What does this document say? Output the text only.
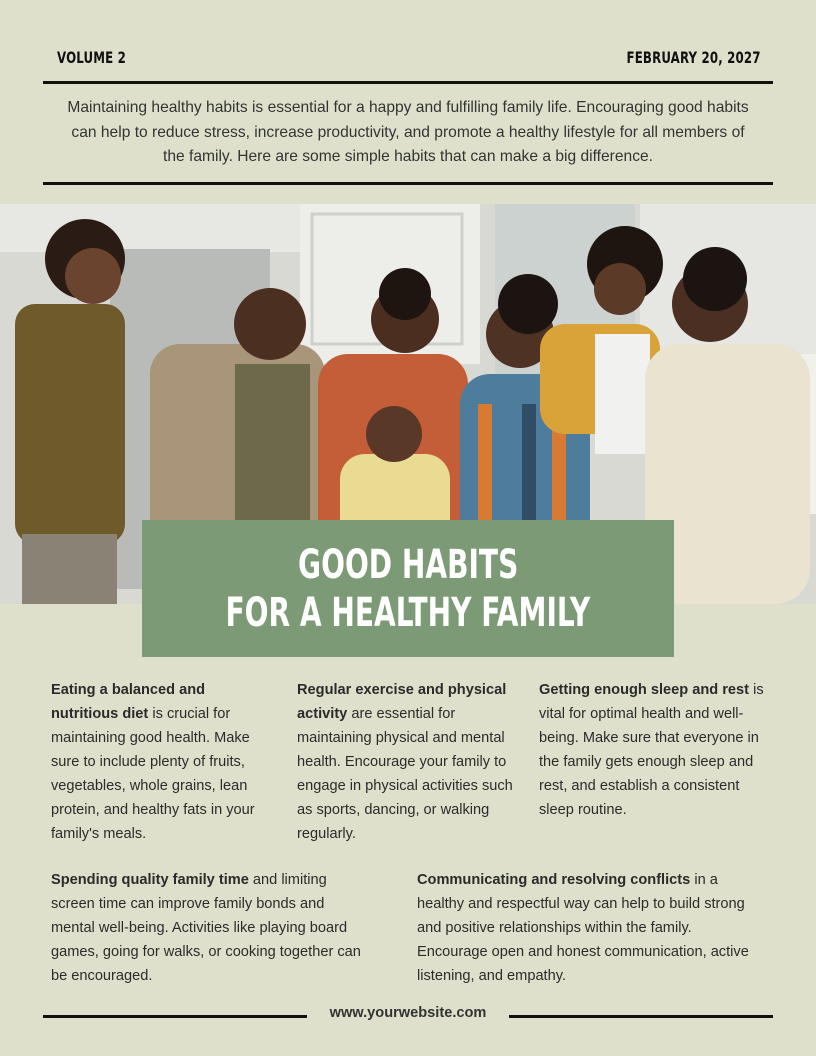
VOLUME 2	FEBRUARY 20, 2027
Maintaining healthy habits is essential for a happy and fulfilling family life. Encouraging good habits can help to reduce stress, increase productivity, and promote a healthy lifestyle for all members of the family. Here are some simple habits that can make a big difference.
GOOD HABITS
FOR A HEALTHY FAMILY
Eating a balanced and nutritious diet is crucial for maintaining good health. Make sure to include plenty of fruits, vegetables, whole grains, lean protein, and healthy fats in your family's meals.
Regular exercise and physical activity are essential for maintaining physical and mental health. Encourage your family to engage in physical activities such as sports, dancing, or walking regularly.
Getting enough sleep and rest is vital for optimal health and well-being. Make sure that everyone in the family gets enough sleep and rest, and establish a consistent sleep routine.
Spending quality family time and limiting screen time can improve family bonds and mental well-being. Activities like playing board games, going for walks, or cooking together can be encouraged.
Communicating and resolving conflicts in a healthy and respectful way can help to build strong and positive relationships within the family. Encourage open and honest communication, active listening, and empathy.
www.yourwebsite.com
